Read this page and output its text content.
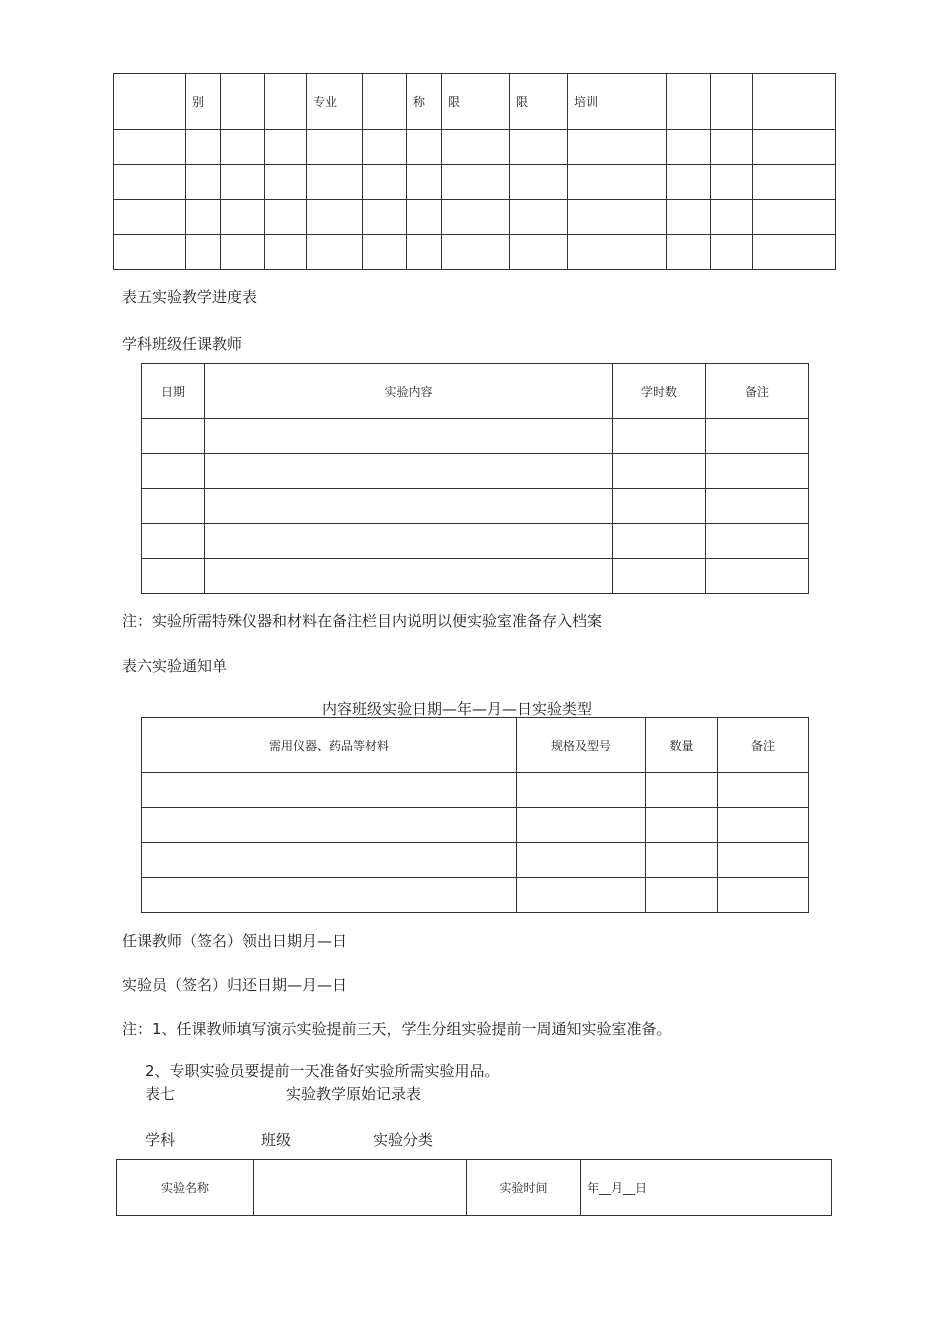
	别			专业		称	限	限	培训			

表五实验教学进度表
学科班级任课教师
日期	实验内容	学时数	备注

注：实验所需特殊仪器和材料在备注栏目内说明以便实验室准备存入档案
表六实验通知单
内容班级实验日期—年—月—日实验类型
需用仪器、药品等材料	规格及型号	数量	备注

任课教师（签名）领出日期月—日
实验员（签名）归还日期—月—日
注：1、任课教师填写演示实验提前三天，学生分组实验提前一周通知实验室准备。
2、专职实验员要提前一天准备好实验所需实验用品。
表七	实验教学原始记录表
学科	班级	实验分类
实验名称		实验时间	年__月__日
